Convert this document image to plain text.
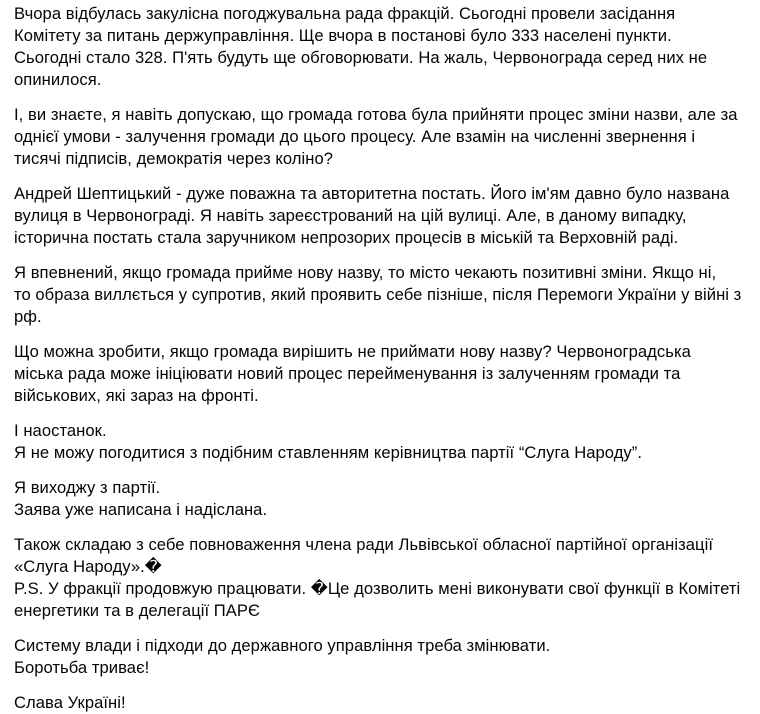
Вчора відбулась закулісна погоджувальна рада фракцій. Сьогодні провели засідання
Комітету за питань держуправління. Ще вчора в постанові було 333 населені пункти.
Сьогодні стало 328. П'ять будуть ще обговорювати. На жаль, Червонограда серед них не
опинилося.
І, ви знаєте, я навіть допускаю, що громада готова була прийняти процес зміни назви, але за
однієї умови - залучення громади до цього процесу. Але взамін на численні звернення і
тисячі підписів, демократія через коліно?
Андрей Шептицький - дуже поважна та авторитетна постать. Його ім'ям давно було названа
вулиця в Червонограді. Я навіть зареєстрований на цій вулиці. Але, в даному випадку,
історична постать стала заручником непрозорих процесів в міській та Верховній раді.
Я впевнений, якщо громада прийме нову назву, то місто чекають позитивні зміни. Якщо ні,
то образа виллється у супротив, який проявить себе пізніше, після Перемоги України у війні з
рф.
Що можна зробити, якщо громада вирішить не приймати нову назву? Червоноградська
міська рада може ініціювати новий процес перейменування із залученням громади та
військових, які зараз на фронті.
І наостанок.
Я не можу погодитися з подібним ставленням керівництва партії “Слуга Народу”.
Я виходжу з партії.
Заява уже написана і надіслана.
Також складаю з себе повноваження члена ради Львівської обласної партійної організації
«Слуга Народу».�
P.S. У фракції продовжую працювати. �Це дозволить мені виконувати свої функції в Комітеті
енергетики та в делегації ПАРЄ
Систему влади і підходи до державного управління треба змінювати.
Боротьба триває!
Слава Україні!
